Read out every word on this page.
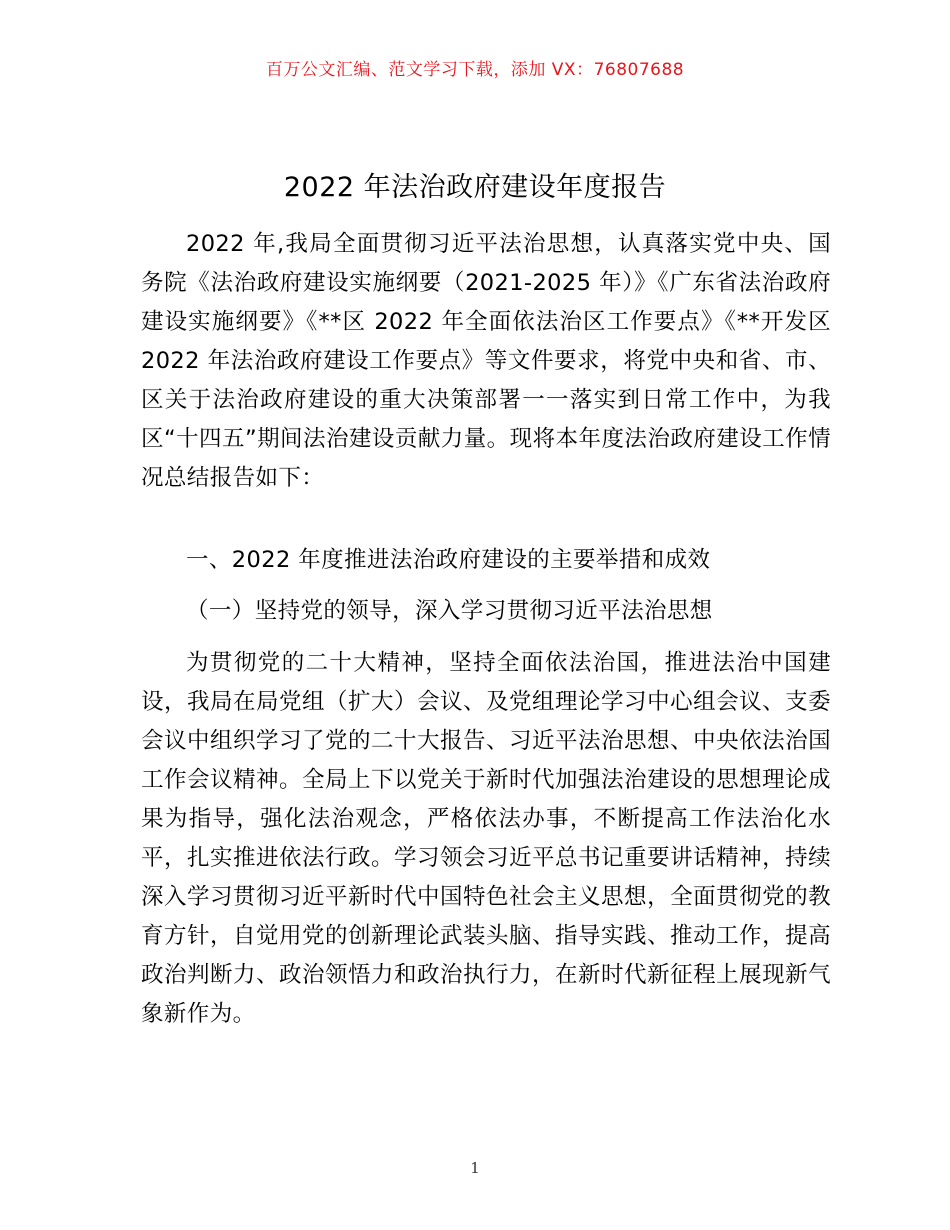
百万公文汇编、范文学习下载，添加 VX：76807688
2022 年法治政府建设年度报告

2022 年,我局全面贯彻习近平法治思想，认真落实党中央、国务院《法治政府建设实施纲要（2021-2025 年）》《广东省法治政府建设实施纲要》《**区 2022 年全面依法治区工作要点》《**开发区 2022 年法治政府建设工作要点》等文件要求，将党中央和省、市、区关于法治政府建设的重大决策部署一一落实到日常工作中，为我区“十四五”期间法治建设贡献力量。现将本年度法治政府建设工作情况总结报告如下：

一、2022 年度推进法治政府建设的主要举措和成效

（一）坚持党的领导，深入学习贯彻习近平法治思想

为贯彻党的二十大精神，坚持全面依法治国，推进法治中国建设，我局在局党组（扩大）会议、及党组理论学习中心组会议、支委会议中组织学习了党的二十大报告、习近平法治思想、中央依法治国工作会议精神。全局上下以党关于新时代加强法治建设的思想理论成果为指导，强化法治观念，严格依法办事，不断提高工作法治化水平，扎实推进依法行政。学习领会习近平总书记重要讲话精神，持续深入学习贯彻习近平新时代中国特色社会主义思想，全面贯彻党的教育方针，自觉用党的创新理论武装头脑、指导实践、推动工作，提高政治判断力、政治领悟力和政治执行力，在新时代新征程上展现新气象新作为。

1
